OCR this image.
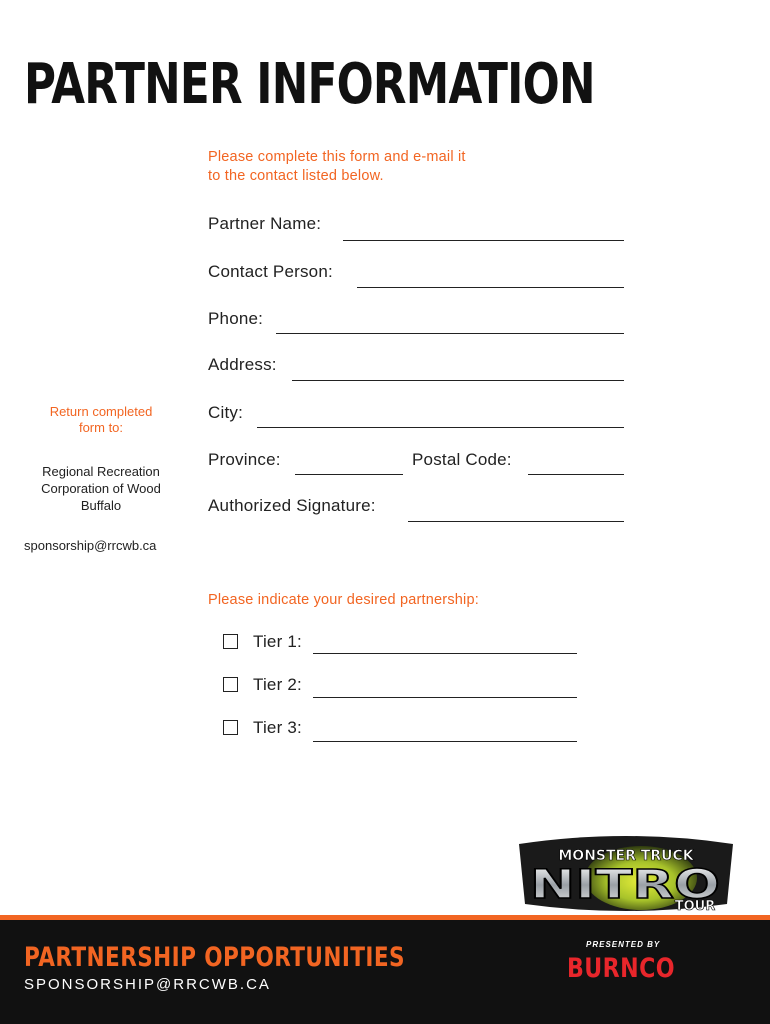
PARTNER INFORMATION
Please complete this form and e-mail it
to the contact listed below.
Partner Name:
Contact Person:
Phone:
Address:
City:
Province:	Postal Code:
Authorized Signature:
Return completed
form to:
Regional Recreation
Corporation of Wood
Buffalo
sponsorship@rrcwb.ca
Please indicate your desired partnership:
Tier 1:
Tier 2:
Tier 3:
MONSTER TRUCK
NITRO
TOUR
PARTNERSHIP OPPORTUNITIES
SPONSORSHIP@RRCWB.CA
PRESENTED BY
BURNCO
